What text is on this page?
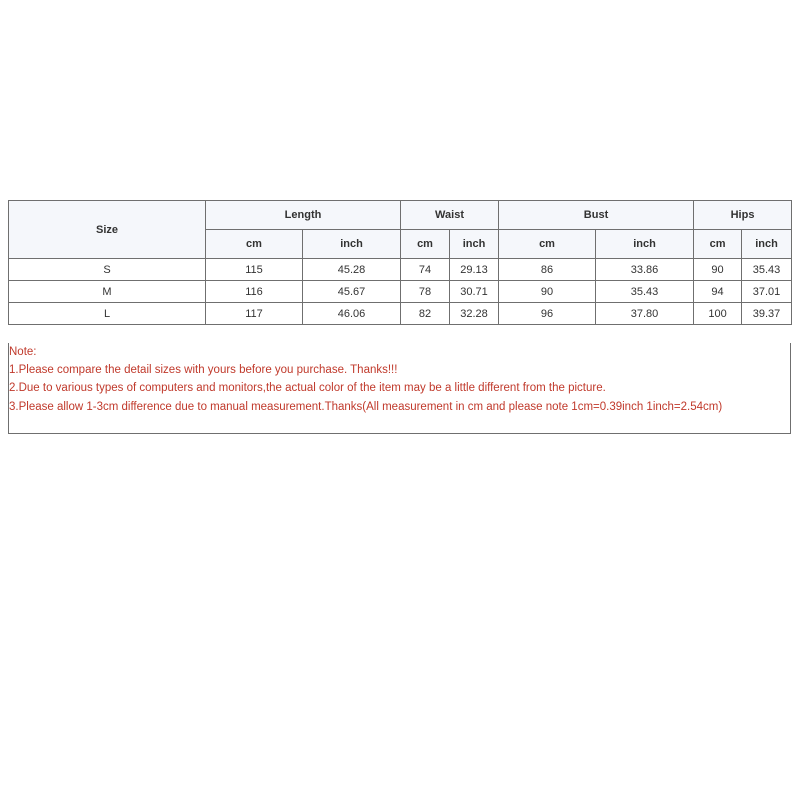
Size	Length		Waist		Bust		Hips	
	cm	inch	cm	inch	cm	inch	cm	inch
S	115	45.28	74	29.13	86	33.86	90	35.43
M	116	45.67	78	30.71	90	35.43	94	37.01
L	117	46.06	82	32.28	96	37.80	100	39.37

Note:

1.Please compare the detail sizes with yours before you purchase. Thanks!!!

2.Due to various types of computers and monitors,the actual color of the item may be a little different from the picture.

3.Please allow 1-3cm difference due to manual measurement.Thanks(All measurement in cm and please note 1cm=0.39inch 1inch=2.54cm)
